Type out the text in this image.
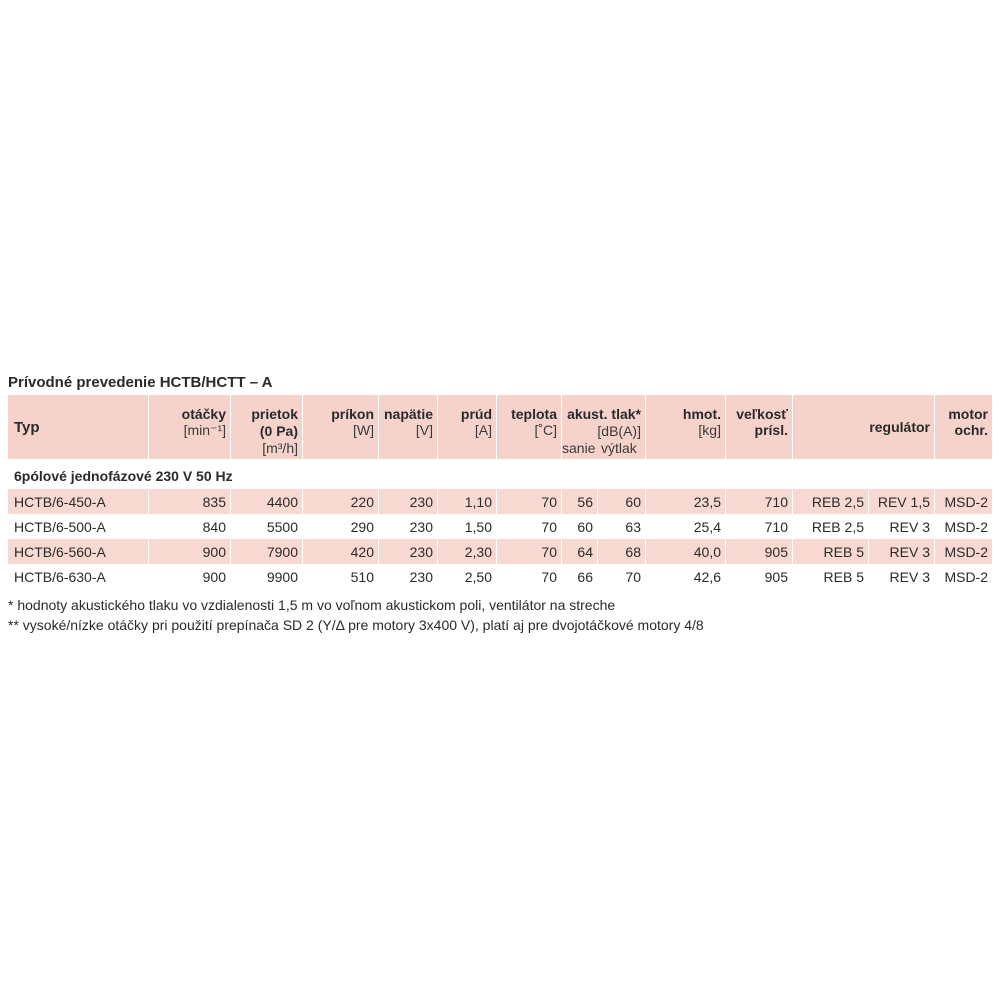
Prívodné prevedenie HCTB/HCTT – A
Typ	otáčky	prietok	príkon	napätie	prúd	teplota	akust. tlak*		hmot.	veľkosť	regulátor		motor
	[min⁻¹]	(0 Pa)	[W]	[V]	[A]	[˚C]	[dB(A)]		[kg]	prísl.			ochr.
		[m³/h]					sanie	výtlak					
6pólové jednofázové 230 V 50 Hz													
HCTB/6-450-A	835	4400	220	230	1,10	70	56	60	23,5	710	REB 2,5	REV 1,5	MSD-2
HCTB/6-500-A	840	5500	290	230	1,50	70	60	63	25,4	710	REB 2,5	REV 3	MSD-2
HCTB/6-560-A	900	7900	420	230	2,30	70	64	68	40,0	905	REB 5	REV 3	MSD-2
HCTB/6-630-A	900	9900	510	230	2,50	70	66	70	42,6	905	REB 5	REV 3	MSD-2
* hodnoty akustického tlaku vo vzdialenosti 1,5 m vo voľnom akustickom poli, ventilátor na streche
** vysoké/nízke otáčky pri použití prepínača SD 2 (Y/Δ pre motory 3x400 V), platí aj pre dvojotáčkové motory 4/8
